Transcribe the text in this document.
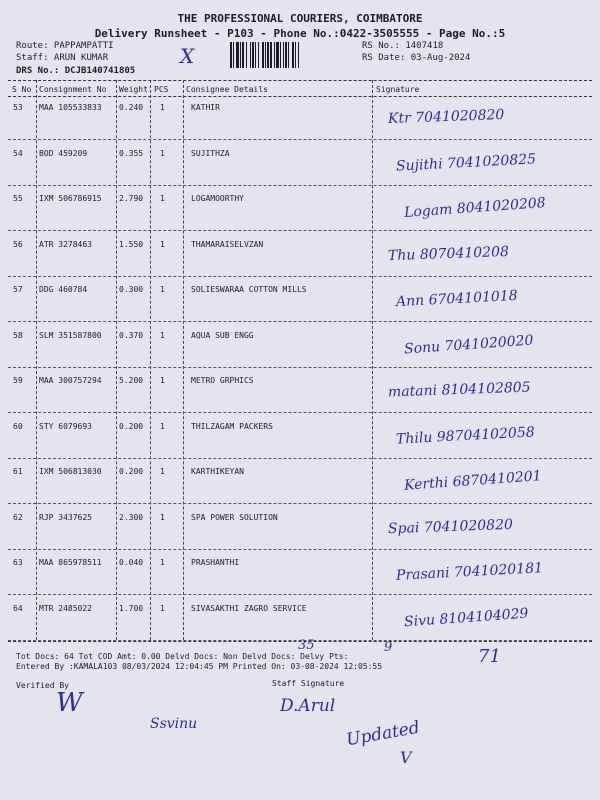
THE PROFESSIONAL COURIERS, COIMBATORE
Delivery Runsheet - P103 - Phone No.:0422-3505555 - Page No.:5
Route: PAPPAMPATTI
Staff: ARUN KUMAR
DRS No.: DCJB140741805
X	RS No.: 1407418
RS Date: 03-Aug-2024
S No Consignment No Weight PCS Consignee Details	Signature
53 MAA 105533833 0.240 1	KATHIR	Ktr 7041020820
54 BOD 459209	0.355 1	SUJITHZA	Sujithi 7041020825
55 IXM 506786915 2.790 1	LOGAMOORTHY	Logam 8041020208
56 ATR 3278463	1.550 1	THAMARAISELVZAN	Thu 8070410208
57 DDG 460784	0.300 1	SOLIESWARAA COTTON MILLS	Ann 6704101018
58 SLM 351587800 0.370 1	AQUA SUB ENGG	Sonu 7041020020
59 MAA 300757294 5.200 1	METRO GRPHICS	matani 8104102805
60 STY 6079693	0.200 1	THILZAGAM PACKERS	Thilu 98704102058
61 IXM 506813030 0.200 1	KARTHIKEYAN	Kerthi 6870410201
62 RJP 3437625	2.300 1	SPA POWER SOLUTION	Spai 7041020820
63 MAA 865978511 0.040 1	PRASHANTHI	Prasani 7041020181
64 MTR 2485022	1.700 1	SIVASAKTHI ZAGRO SERVICE	Sivu 8104104029
Tot Docs: 64 Tot COD Amt: 0.00 Delvd Docs: Non Delvd Docs: Delvy Pts:
Entered By :KAMALA103 08/03/2024 12:04:45 PM Printed On: 03-08-2024 12:05:55
35	9	71
Verified By	Staff Signature
W
Ssvinu
D.Arul
Updated
V
